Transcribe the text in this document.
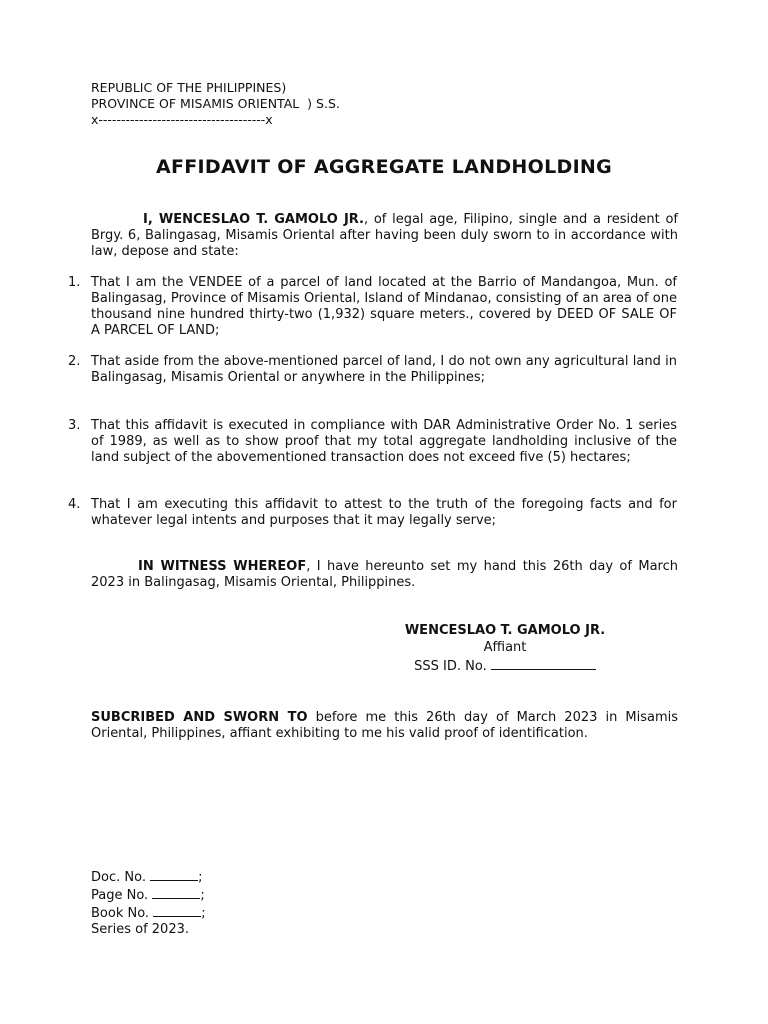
REPUBLIC OF THE PHILIPPINES)
PROVINCE OF MISAMIS ORIENTAL  ) S.S.
x-------------------------------------x
AFFIDAVIT OF AGGREGATE LANDHOLDING
I, WENCESLAO T. GAMOLO JR., of legal age, Filipino, single and a resident of Brgy. 6, Balingasag, Misamis Oriental after having been duly sworn to in accordance with law, depose and state:
1. That I am the VENDEE of a parcel of land located at the Barrio of Mandangoa, Mun. of Balingasag, Province of Misamis Oriental, Island of Mindanao, consisting of an area of one thousand nine hundred thirty-two (1,932) square meters., covered by DEED OF SALE OF A PARCEL OF LAND;
2. That aside from the above-mentioned parcel of land, I do not own any agricultural land in Balingasag, Misamis Oriental or anywhere in the Philippines;
3. That this affidavit is executed in compliance with DAR Administrative Order No. 1 series of 1989, as well as to show proof that my total aggregate landholding inclusive of the land subject of the abovementioned transaction does not exceed five (5) hectares;
4. That I am executing this affidavit to attest to the truth of the foregoing facts and for whatever legal intents and purposes that it may legally serve;
IN WITNESS WHEREOF, I have hereunto set my hand this 26th day of March 2023 in Balingasag, Misamis Oriental, Philippines.
WENCESLAO T. GAMOLO JR.
Affiant
SSS ID. No.
SUBCRIBED AND SWORN TO before me this 26th day of March 2023 in Misamis Oriental, Philippines, affiant exhibiting to me his valid proof of identification.
Doc. No.	;
Page No.	;
Book No.	;
Series of 2023.
